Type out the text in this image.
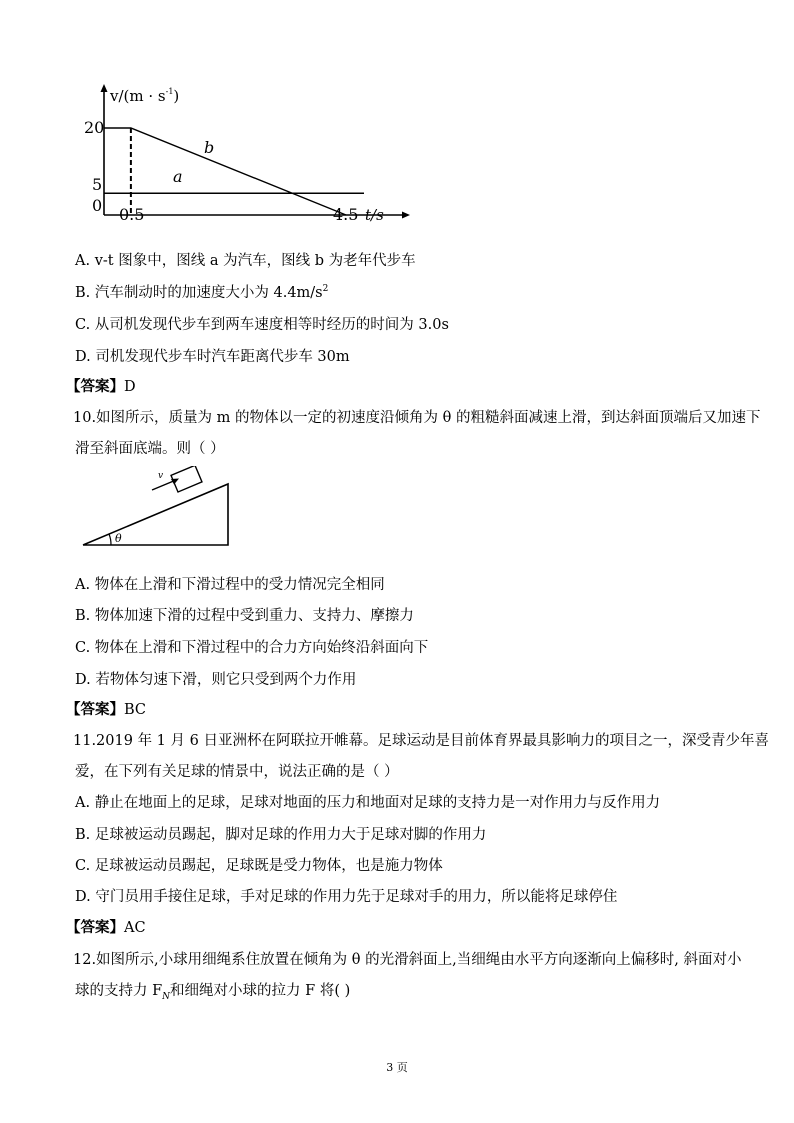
$v/(m \cdot s^{-1})$
20
5
0 0.5	4.5 t/s
b
a
A. v-t 图象中，图线 a 为汽车，图线 b 为老年代步车
B. 汽车制动时的加速度大小为 $4.4m/s^2$
C. 从司机发现代步车到两车速度相等时经历的时间为 3.0s
D. 司机发现代步车时汽车距离代步车 30m
【答案】D
10.如图所示，质量为 m 的物体以一定的初速度沿倾角为 θ 的粗糙斜面减速上滑，到达斜面顶端后又加速下
滑至斜面底端。则（ ）
v
θ
A. 物体在上滑和下滑过程中的受力情况完全相同
B. 物体加速下滑的过程中受到重力、支持力、摩擦力
C. 物体在上滑和下滑过程中的合力方向始终沿斜面向下
D. 若物体匀速下滑，则它只受到两个力作用
【答案】BC
11.2019 年 1 月 6 日亚洲杯在阿联拉开帷幕。足球运动是目前体育界最具影响力的项目之一，深受青少年喜
爱，在下列有关足球的情景中，说法正确的是（ ）
A. 静止在地面上的足球，足球对地面的压力和地面对足球的支持力是一对作用力与反作用力
B. 足球被运动员踢起，脚对足球的作用力大于足球对脚的作用力
C. 足球被运动员踢起，足球既是受力物体，也是施力物体
D. 守门员用手接住足球，手对足球的作用力先于足球对手的用力，所以能将足球停住
【答案】AC
12.如图所示,小球用细绳系住放置在倾角为 θ 的光滑斜面上,当细绳由水平方向逐渐向上偏移时, 斜面对小
球的支持力 $F_N$和细绳对小球的拉力 F 将( )
3 页
